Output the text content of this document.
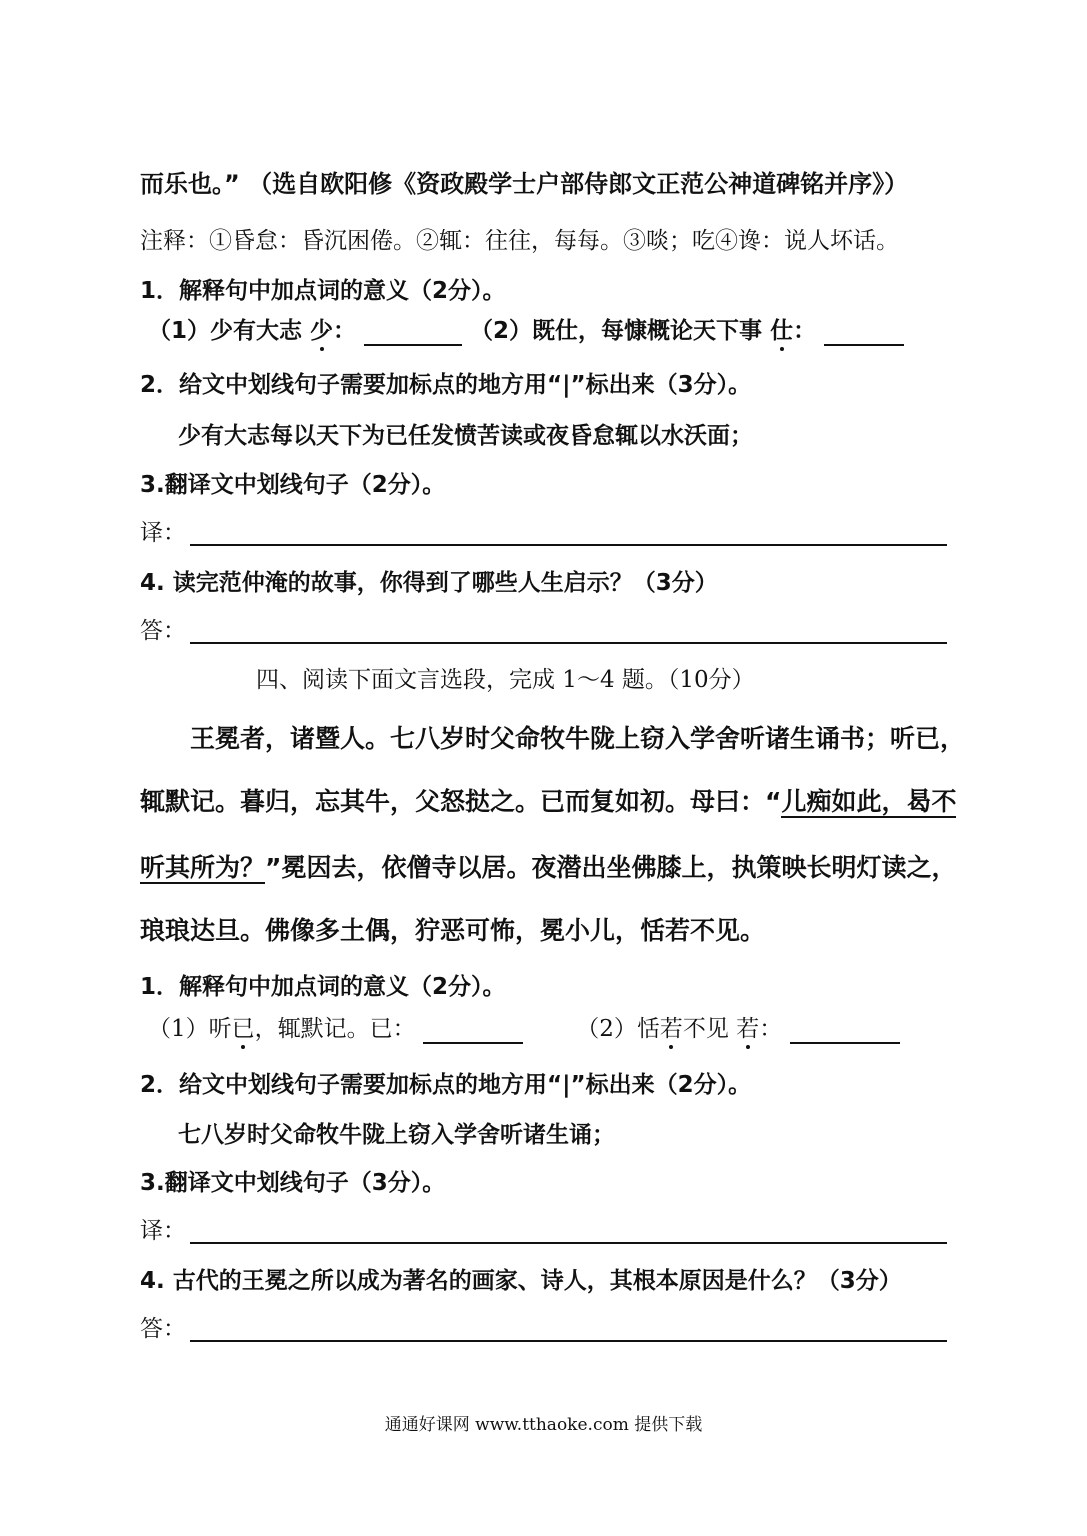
而乐也。” （选自欧阳修《资政殿学士户部侍郎文正范公神道碑铭并序》）
注释：①昏怠：昏沉困倦。②辄：往往，每每。③啖；吃④谗：说人坏话。
1．解释句中加点词的意义（2分）。
（1）少有大志 少：	（2）既仕，每慷概论天下事 仕：
2．给文中划线句子需要加标点的地方用“|”标出来（3分）。
少有大志每以天下为已任发愤苦读或夜昏怠辄以水沃面；
3.翻译文中划线句子（2分）。
译：
4. 读完范仲淹的故事，你得到了哪些人生启示？（3分）
答：
四、阅读下面文言选段，完成 1～4 题。（10分）
王冕者，诸暨人。七八岁时父命牧牛陇上窃入学舍听诸生诵书；听已，
辄默记。暮归，忘其牛，父怒挞之。已而复如初。母曰：“儿痴如此，曷不
听其所为？”冕因去，依僧寺以居。夜潜出坐佛膝上，执策映长明灯读之，
琅琅达旦。佛像多土偶，狞恶可怖，冕小儿，恬若不见。
1．解释句中加点词的意义（2分）。
（1）听已，辄默记。已：	（2）恬若不见 若：
2．给文中划线句子需要加标点的地方用“|”标出来（2分）。
七八岁时父命牧牛陇上窃入学舍听诸生诵；
3.翻译文中划线句子（3分）。
译：
4. 古代的王冕之所以成为著名的画家、诗人，其根本原因是什么？（3分）
答：
通通好课网 www.tthaoke.com 提供下载
